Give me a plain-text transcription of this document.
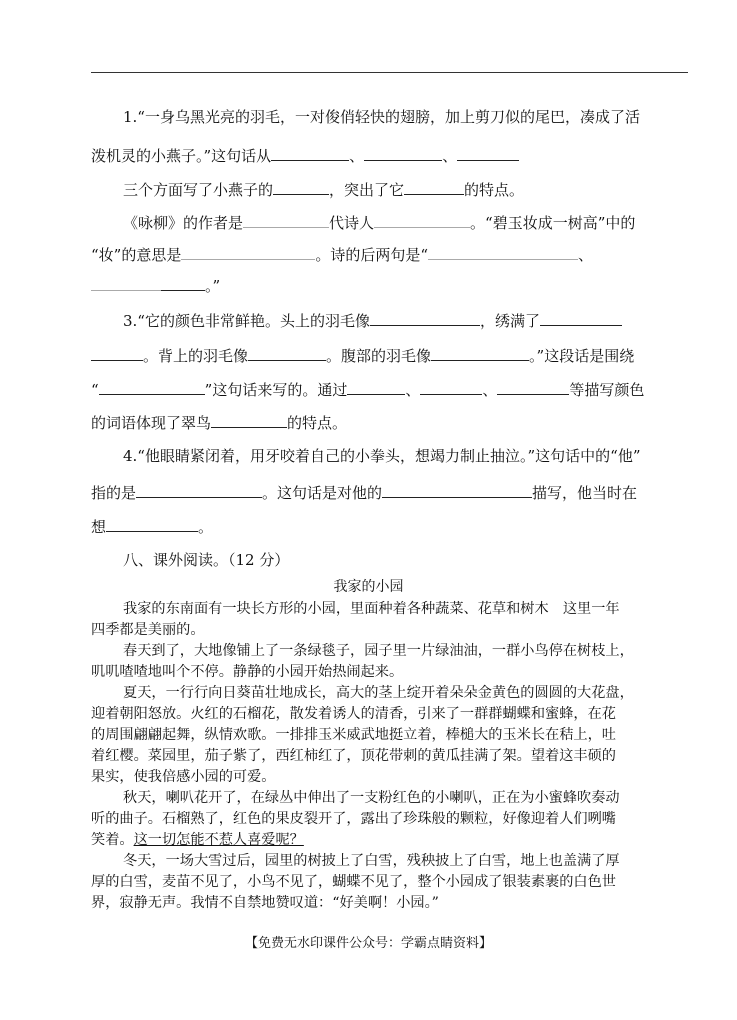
1.“一身乌黑光亮的羽毛，一对俊俏轻快的翅膀，加上剪刀似的尾巴，凑成了活
泼机灵的小燕子。”这句话从	、	、
三个方面写了小燕子的	，突出了它	的特点。
《咏柳》的作者是	代诗人	。“碧玉妆成一树高”中的
“妆”的意思是	。诗的后两句是“	、
。”
3.“它的颜色非常鲜艳。头上的羽毛像	，绣满了
。背上的羽毛像	。腹部的羽毛像	。”这段话是围绕
“	”这句话来写的。通过	、	、	等描写颜色
的词语体现了翠鸟	的特点。
4.“他眼睛紧闭着，用牙咬着自己的小拳头，想竭力制止抽泣。”这句话中的“他”
指的是	。这句话是对他的	描写，他当时在
想	。
八、课外阅读。（12 分）
我家的小园
我家的东南面有一块长方形的小园，里面种着各种蔬菜、花草和树木　这里一年
四季都是美丽的。
春天到了，大地像铺上了一条绿毯子，园子里一片绿油油，一群小鸟停在树枝上，
叽叽喳喳地叫个不停。静静的小园开始热闹起来。
夏天，一行行向日葵苗壮地成长，高大的茎上绽开着朵朵金黄色的圆圆的大花盘，
迎着朝阳怒放。火红的石榴花，散发着诱人的清香，引来了一群群蝴蝶和蜜蜂，在花
的周围翩翩起舞，纵情欢歌。一排排玉米威武地挺立着，棒槌大的玉米长在秸上，吐
着红樱。菜园里，茄子紫了，西红柿红了，顶花带刺的黄瓜挂满了架。望着这丰硕的
果实，使我倍感小园的可爱。
秋天，喇叭花开了，在绿丛中伸出了一支粉红色的小喇叭，正在为小蜜蜂吹奏动
听的曲子。石榴熟了，红色的果皮裂开了，露出了珍珠般的颗粒，好像迎着人们咧嘴
笑着。这一切怎能不惹人喜爱呢？
冬天，一场大雪过后，园里的树披上了白雪，残秧披上了白雪，地上也盖满了厚
厚的白雪，麦苗不见了，小鸟不见了，蝴蝶不见了，整个小园成了银装素裹的白色世
界，寂静无声。我情不自禁地赞叹道：“好美啊！小园。”
【免费无水印课件公众号：学霸点睛资料】
